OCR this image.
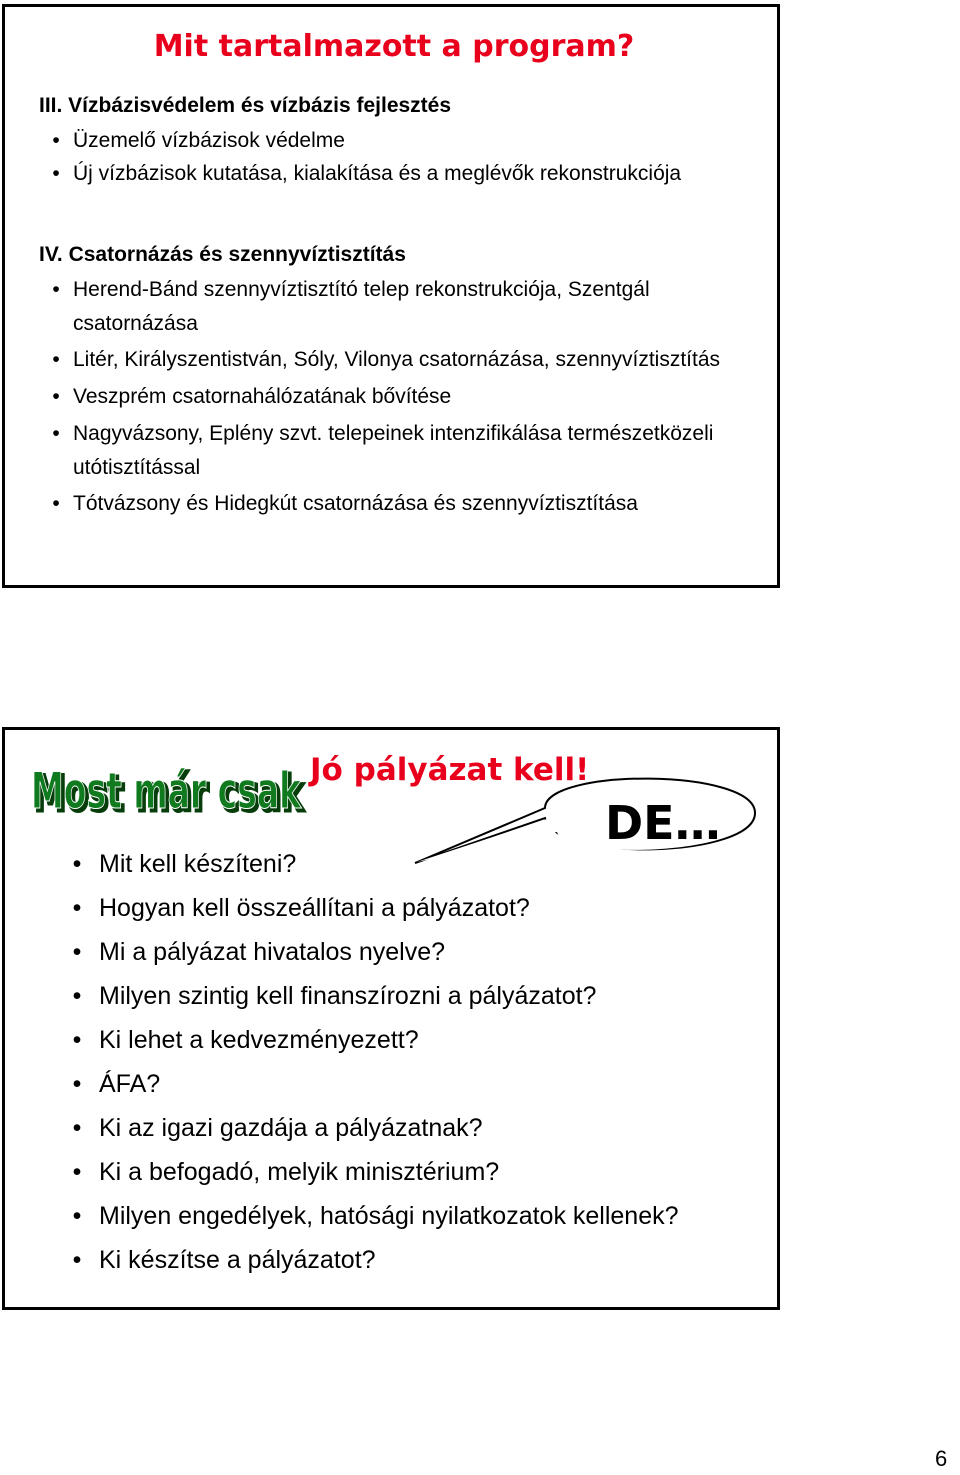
Mit tartalmazott a program?

III. Vízbázisvédelem és vízbázis fejlesztés

• Üzemelő vízbázisok védelme
• Új vízbázisok kutatása, kialakítása és a meglévők rekonstrukciója

IV. Csatornázás és szennyvíztisztítás

• Herend-Bánd szennyvíztisztító telep rekonstrukciója, Szentgál
csatornázása
• Litér, Királyszentistván, Sóly, Vilonya csatornázása, szennyvíztisztítás
• Veszprém csatornahálózatának bővítése
• Nagyvázsony, Eplény szvt. telepeinek intenzifikálása természetközeli
utótisztítással
• Tótvázsony és Hidegkút csatornázása és szennyvíztisztítása
Most már csak
Most már csak Jó pályázat kell!

DE…

• Mit kell készíteni?
• Hogyan kell összeállítani a pályázatot?
• Mi a pályázat hivatalos nyelve?
• Milyen szintig kell finanszírozni a pályázatot?
• Ki lehet a kedvezményezett?
• ÁFA?
• Ki az igazi gazdája a pályázatnak?
• Ki a befogadó, melyik minisztérium?
• Milyen engedélyek, hatósági nyilatkozatok kellenek?
• Ki készítse a pályázatot?

6
